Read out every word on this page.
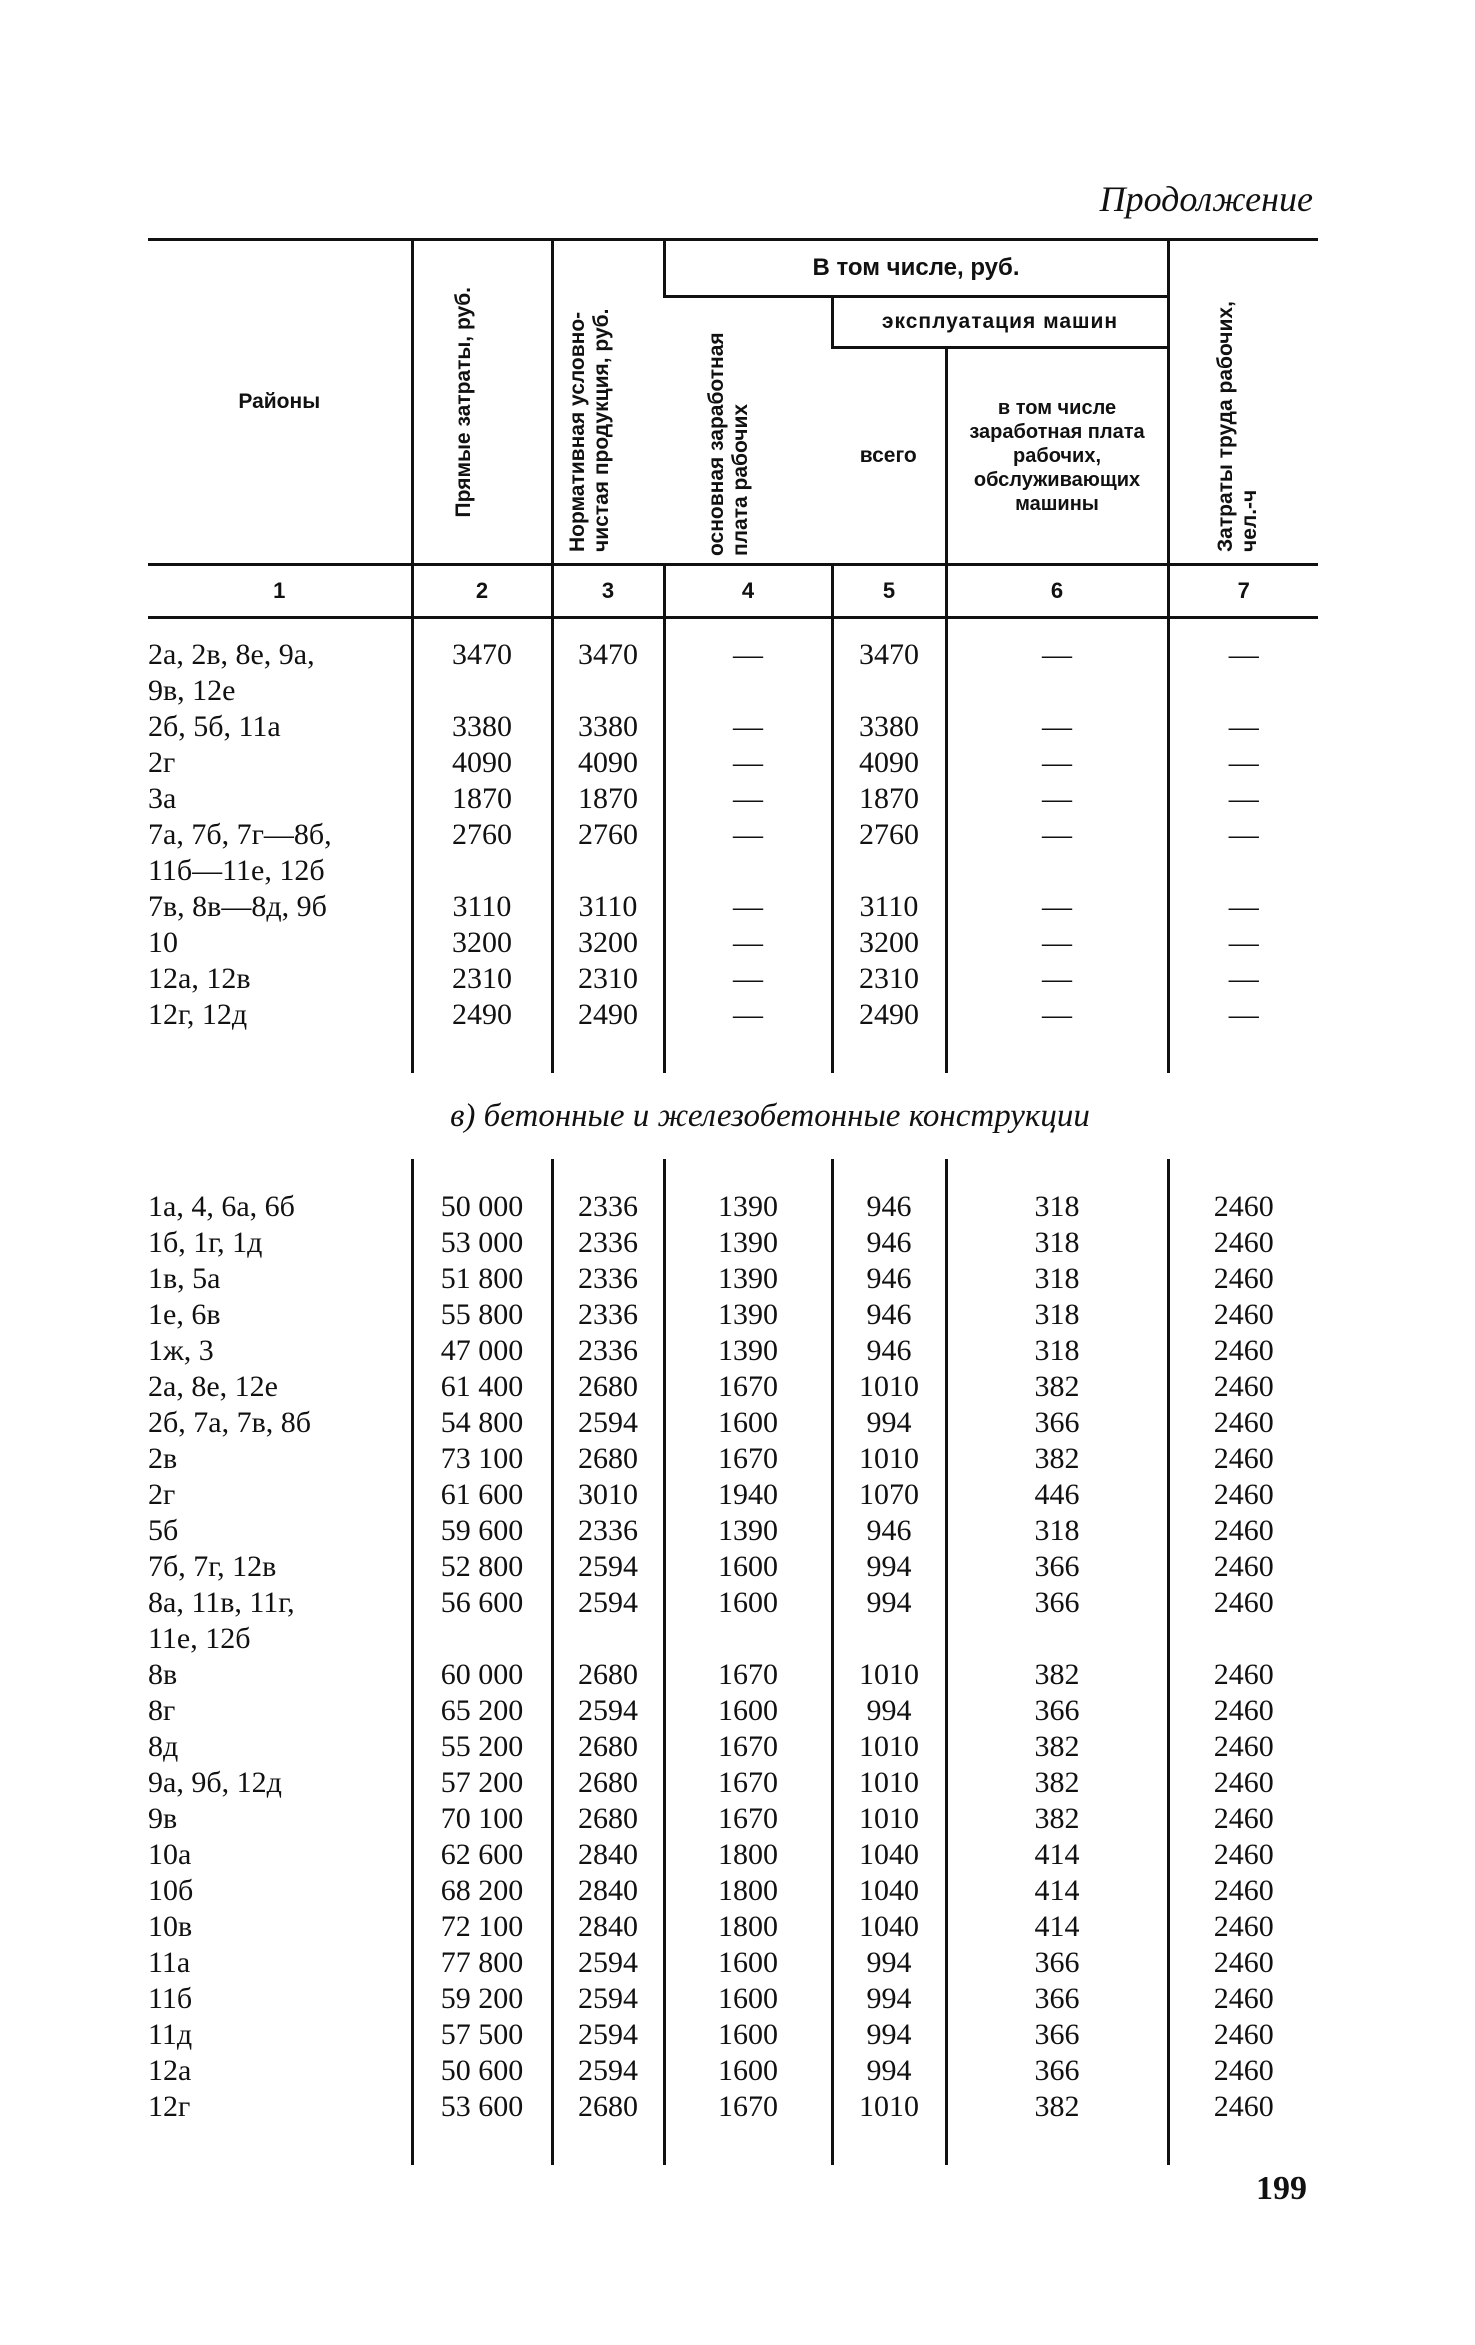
Продолжение
Районы	Прямые затраты, руб.	Нормативная условно-чистая продукция, руб.	В том числе, руб.			Затраты труда рабочих, чел.-ч

			основная заработная плата рабочих	эксплуатация машин		
				всего	в том числе заработная плата рабочих, обслуживающих машины	

1	2	3	4	5	6	7

2а, 2в, 8е, 9а,	3470	3470	—	3470	—	—
9в, 12е						
2б, 5б, 11а	3380	3380	—	3380	—	—
2г	4090	4090	—	4090	—	—
3а	1870	1870	—	1870	—	—
7а, 7б, 7г—8б,	2760	2760	—	2760	—	—
11б—11е, 12б						
7в, 8в—8д, 9б	3110	3110	—	3110	—	—
10	3200	3200	—	3200	—	—
12а, 12в	2310	2310	—	2310	—	—
12г, 12д	2490	2490	—	2490	—	—

в) бетонные и железобетонные конструкции						

1а, 4, 6а, 6б	50 000	2336	1390	946	318	2460
1б, 1г, 1д	53 000	2336	1390	946	318	2460
1в, 5а	51 800	2336	1390	946	318	2460
1е, 6в	55 800	2336	1390	946	318	2460
1ж, 3	47 000	2336	1390	946	318	2460
2а, 8е, 12е	61 400	2680	1670	1010	382	2460
2б, 7а, 7в, 8б	54 800	2594	1600	994	366	2460
2в	73 100	2680	1670	1010	382	2460
2г	61 600	3010	1940	1070	446	2460
5б	59 600	2336	1390	946	318	2460
7б, 7г, 12в	52 800	2594	1600	994	366	2460
8а, 11в, 11г,	56 600	2594	1600	994	366	2460
11е, 12б						
8в	60 000	2680	1670	1010	382	2460
8г	65 200	2594	1600	994	366	2460
8д	55 200	2680	1670	1010	382	2460
9а, 9б, 12д	57 200	2680	1670	1010	382	2460
9в	70 100	2680	1670	1010	382	2460
10а	62 600	2840	1800	1040	414	2460
10б	68 200	2840	1800	1040	414	2460
10в	72 100	2840	1800	1040	414	2460
11а	77 800	2594	1600	994	366	2460
11б	59 200	2594	1600	994	366	2460
11д	57 500	2594	1600	994	366	2460
12а	50 600	2594	1600	994	366	2460
12г	53 600	2680	1670	1010	382	2460

199
